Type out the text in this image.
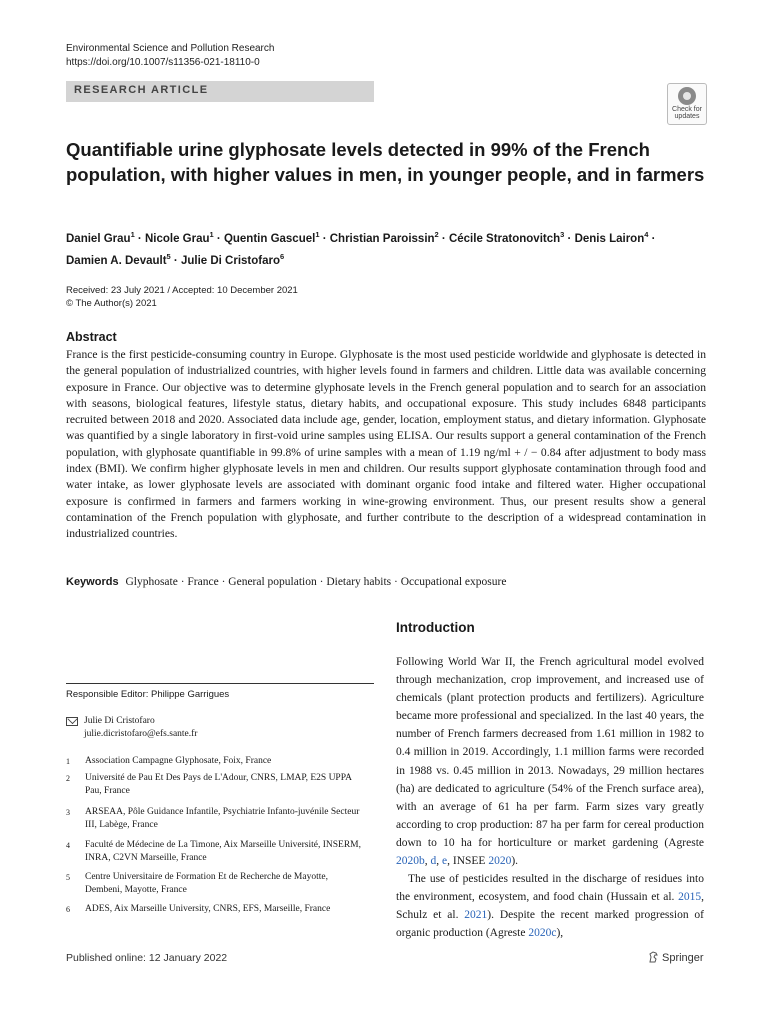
Environmental Science and Pollution Research
https://doi.org/10.1007/s11356-021-18110-0
RESEARCH ARTICLE
Check for
updates
Quantifiable urine glyphosate levels detected in 99% of the French population, with higher values in men, in younger people, and in farmers
Daniel Grau$^1$ · Nicole Grau$^1$ · Quentin Gascuel$^1$ · Christian Paroissin$^2$ · Cécile Stratonovitch$^3$ · Denis Lairon$^4$ ·
Damien A. Devault$^5$ · Julie Di Cristofaro$^6$
Received: 23 July 2021 / Accepted: 10 December 2021
© The Author(s) 2021
Abstract
France is the first pesticide-consuming country in Europe. Glyphosate is the most used pesticide worldwide and glyphosate is detected in the general population of industrialized countries, with higher levels found in farmers and children. Little data was available concerning exposure in France. Our objective was to determine glyphosate levels in the French general population and to search for an association with seasons, biological features, lifestyle status, dietary habits, and occupational exposure. This study includes 6848 participants recruited between 2018 and 2020. Associated data include age, gender, location, employment status, and dietary information. Glyphosate was quantified by a single laboratory in first-void urine samples using ELISA. Our results support a general contamination of the French population, with glyphosate quantifiable in 99.8% of urine samples with a mean of 1.19 ng/ml + / − 0.84 after adjustment to body mass index (BMI). We confirm higher glyphosate levels in men and children. Our results support glyphosate contamination through food and water intake, as lower glyphosate levels are associated with dominant organic food intake and filtered water. Higher occupational exposure is confirmed in farmers and farmers working in wine-growing environment. Thus, our present results show a general contamination of the French population with glyphosate, and further contribute to the description of a widespread contamination in industrialized countries.
Keywords Glyphosate · France · General population · Dietary habits · Occupational exposure
Introduction

Following World War II, the French agricultural model evolved through mechanization, crop improvement, and increased use of chemicals (plant protection products and fertilizers). Agriculture became more professional and specialized. In the last 40 years, the number of French farmers decreased from 1.61 million in 1982 to 0.4 million in 2019. Accordingly, 1.1 million farms were recorded in 1988 vs. 0.45 million in 2013. Nowadays, 29 million hectares (ha) are dedicated to agriculture (54% of the French surface area), with an average of 61 ha per farm. Farm sizes vary greatly according to crop production: 87 ha per farm for cereal production down to 10 ha for horticulture or market gardening (Agreste 2020b, d, e, INSEE 2020).

The use of pesticides resulted in the discharge of residues into the environment, ecosystem, and food chain (Hussain et al. 2015, Schulz et al. 2021). Despite the recent marked progression of organic production (Agreste 2020c),

Responsible Editor: Philippe Garrigues
Julie Di Cristofaro
julie.dicristofaro@efs.sante.fr
1 Association Campagne Glyphosate, Foix, France
2 Université de Pau Et Des Pays de L'Adour, CNRS, LMAP, E2S UPPA Pau, France
3 ARSEAA, Pôle Guidance Infantile, Psychiatrie Infanto-juvénile Secteur III, Labège, France
4 Faculté de Médecine de La Timone, Aix Marseille Université, INSERM, INRA, C2VN Marseille, France
5 Centre Universitaire de Formation Et de Recherche de Mayotte, Dembeni, Mayotte, France
6 ADES, Aix Marseille University, CNRS, EFS, Marseille, France
Published online: 12 January 2022	Springer
